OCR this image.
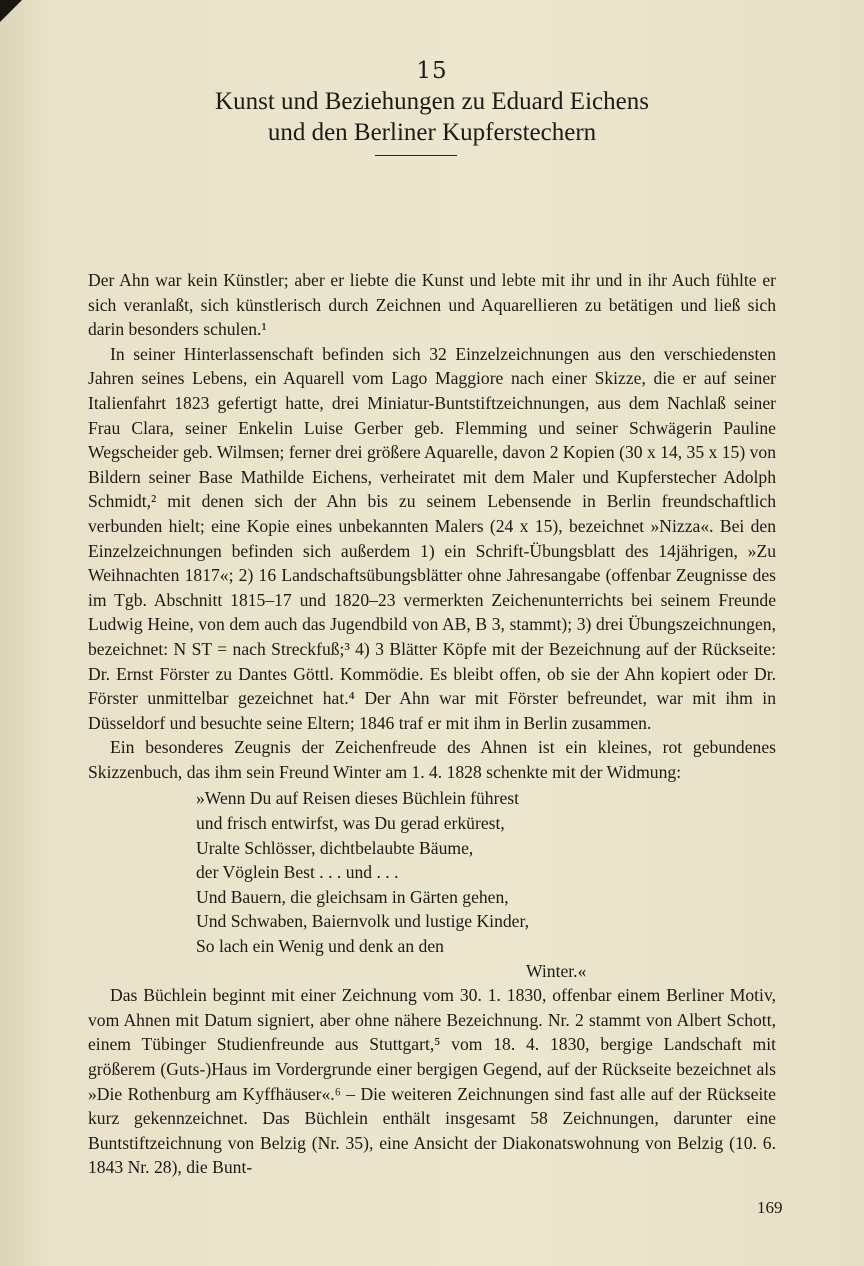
15
Kunst und Beziehungen zu Eduard Eichens
und den Berliner Kupferstechern

Der Ahn war kein Künstler; aber er liebte die Kunst und lebte mit ihr und in ihr Auch fühlte er sich veranlaßt, sich künstlerisch durch Zeichnen und Aquarellieren zu betätigen und ließ sich darin besonders schulen.¹

In seiner Hinterlassenschaft befinden sich 32 Einzelzeichnungen aus den verschiedensten Jahren seines Lebens, ein Aquarell vom Lago Maggiore nach einer Skizze, die er auf seiner Italienfahrt 1823 gefertigt hatte, drei Miniatur-Buntstiftzeichnungen, aus dem Nachlaß seiner Frau Clara, seiner Enkelin Luise Gerber geb. Flemming und seiner Schwägerin Pauline Wegscheider geb. Wilmsen; ferner drei größere Aquarelle, davon 2 Kopien (30 x 14, 35 x 15) von Bildern seiner Base Mathilde Eichens, verheiratet mit dem Maler und Kupferstecher Adolph Schmidt,² mit denen sich der Ahn bis zu seinem Lebensende in Berlin freundschaftlich verbunden hielt; eine Kopie eines unbekannten Malers (24 x 15), bezeichnet »Nizza«. Bei den Einzelzeichnungen befinden sich außerdem 1) ein Schrift-Übungsblatt des 14jährigen, »Zu Weihnachten 1817«; 2) 16 Landschaftsübungsblätter ohne Jahresangabe (offenbar Zeugnisse des im Tgb. Abschnitt 1815–17 und 1820–23 vermerkten Zeichenunterrichts bei seinem Freunde Ludwig Heine, von dem auch das Jugendbild von AB, B 3, stammt); 3) drei Übungszeichnungen, bezeichnet: N ST = nach Streckfuß;³ 4) 3 Blätter Köpfe mit der Bezeichnung auf der Rückseite: Dr. Ernst Förster zu Dantes Göttl. Kommödie. Es bleibt offen, ob sie der Ahn kopiert oder Dr. Förster unmittelbar gezeichnet hat.⁴ Der Ahn war mit Förster befreundet, war mit ihm in Düsseldorf und besuchte seine Eltern; 1846 traf er mit ihm in Berlin zusammen.

Ein besonderes Zeugnis der Zeichenfreude des Ahnen ist ein kleines, rot gebundenes Skizzenbuch, das ihm sein Freund Winter am 1. 4. 1828 schenkte mit der Widmung:

»Wenn Du auf Reisen dieses Büchlein führest
und frisch entwirfst, was Du gerad erkürest,
Uralte Schlösser, dichtbelaubte Bäume,
der Vöglein Best . . . und . . .
Und Bauern, die gleichsam in Gärten gehen,
Und Schwaben, Baiernvolk und lustige Kinder,
So lach ein Wenig und denk an den
Winter.«

Das Büchlein beginnt mit einer Zeichnung vom 30. 1. 1830, offenbar einem Berliner Motiv, vom Ahnen mit Datum signiert, aber ohne nähere Bezeichnung. Nr. 2 stammt von Albert Schott, einem Tübinger Studienfreunde aus Stuttgart,⁵ vom 18. 4. 1830, bergige Landschaft mit größerem (Guts-)Haus im Vordergrunde einer bergigen Gegend, auf der Rückseite bezeichnet als »Die Rothenburg am Kyffhäuser«.⁶ – Die weiteren Zeichnungen sind fast alle auf der Rückseite kurz gekennzeichnet. Das Büchlein enthält insgesamt 58 Zeichnungen, darunter eine Buntstiftzeichnung von Belzig (Nr. 35), eine Ansicht der Diakonatswohnung von Belzig (10. 6. 1843 Nr. 28), die Bunt-

169
